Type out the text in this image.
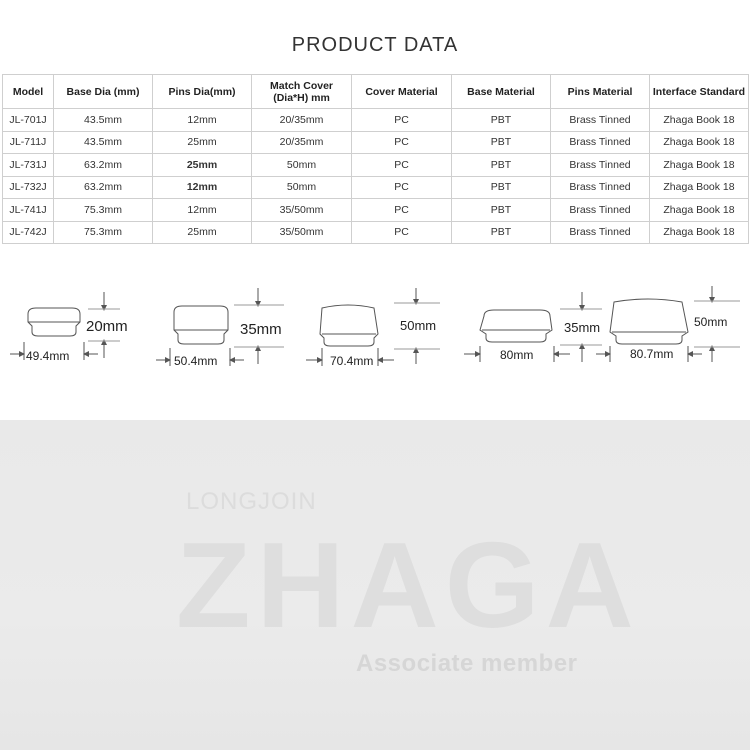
PRODUCT DATA
Model	Base Dia (mm)	Pins Dia(mm)	Match Cover (Dia*H) mm	Cover Material	Base Material	Pins Material	Interface Standard
JL-701J	43.5mm	12mm	20/35mm	PC	PBT	Brass Tinned	Zhaga Book 18
JL-711J	43.5mm	25mm	20/35mm	PC	PBT	Brass Tinned	Zhaga Book 18
JL-731J	63.2mm	25mm	50mm	PC	PBT	Brass Tinned	Zhaga Book 18
JL-732J	63.2mm	12mm	50mm	PC	PBT	Brass Tinned	Zhaga Book 18
JL-741J	75.3mm	12mm	35/50mm	PC	PBT	Brass Tinned	Zhaga Book 18
JL-742J	75.3mm	25mm	35/50mm	PC	PBT	Brass Tinned	Zhaga Book 18
20mm
49.4mm
35mm
50.4mm
50mm
70.4mm
35mm
80mm
50mm
80.7mm
LONGJOIN
ZHAGA
Associate member
